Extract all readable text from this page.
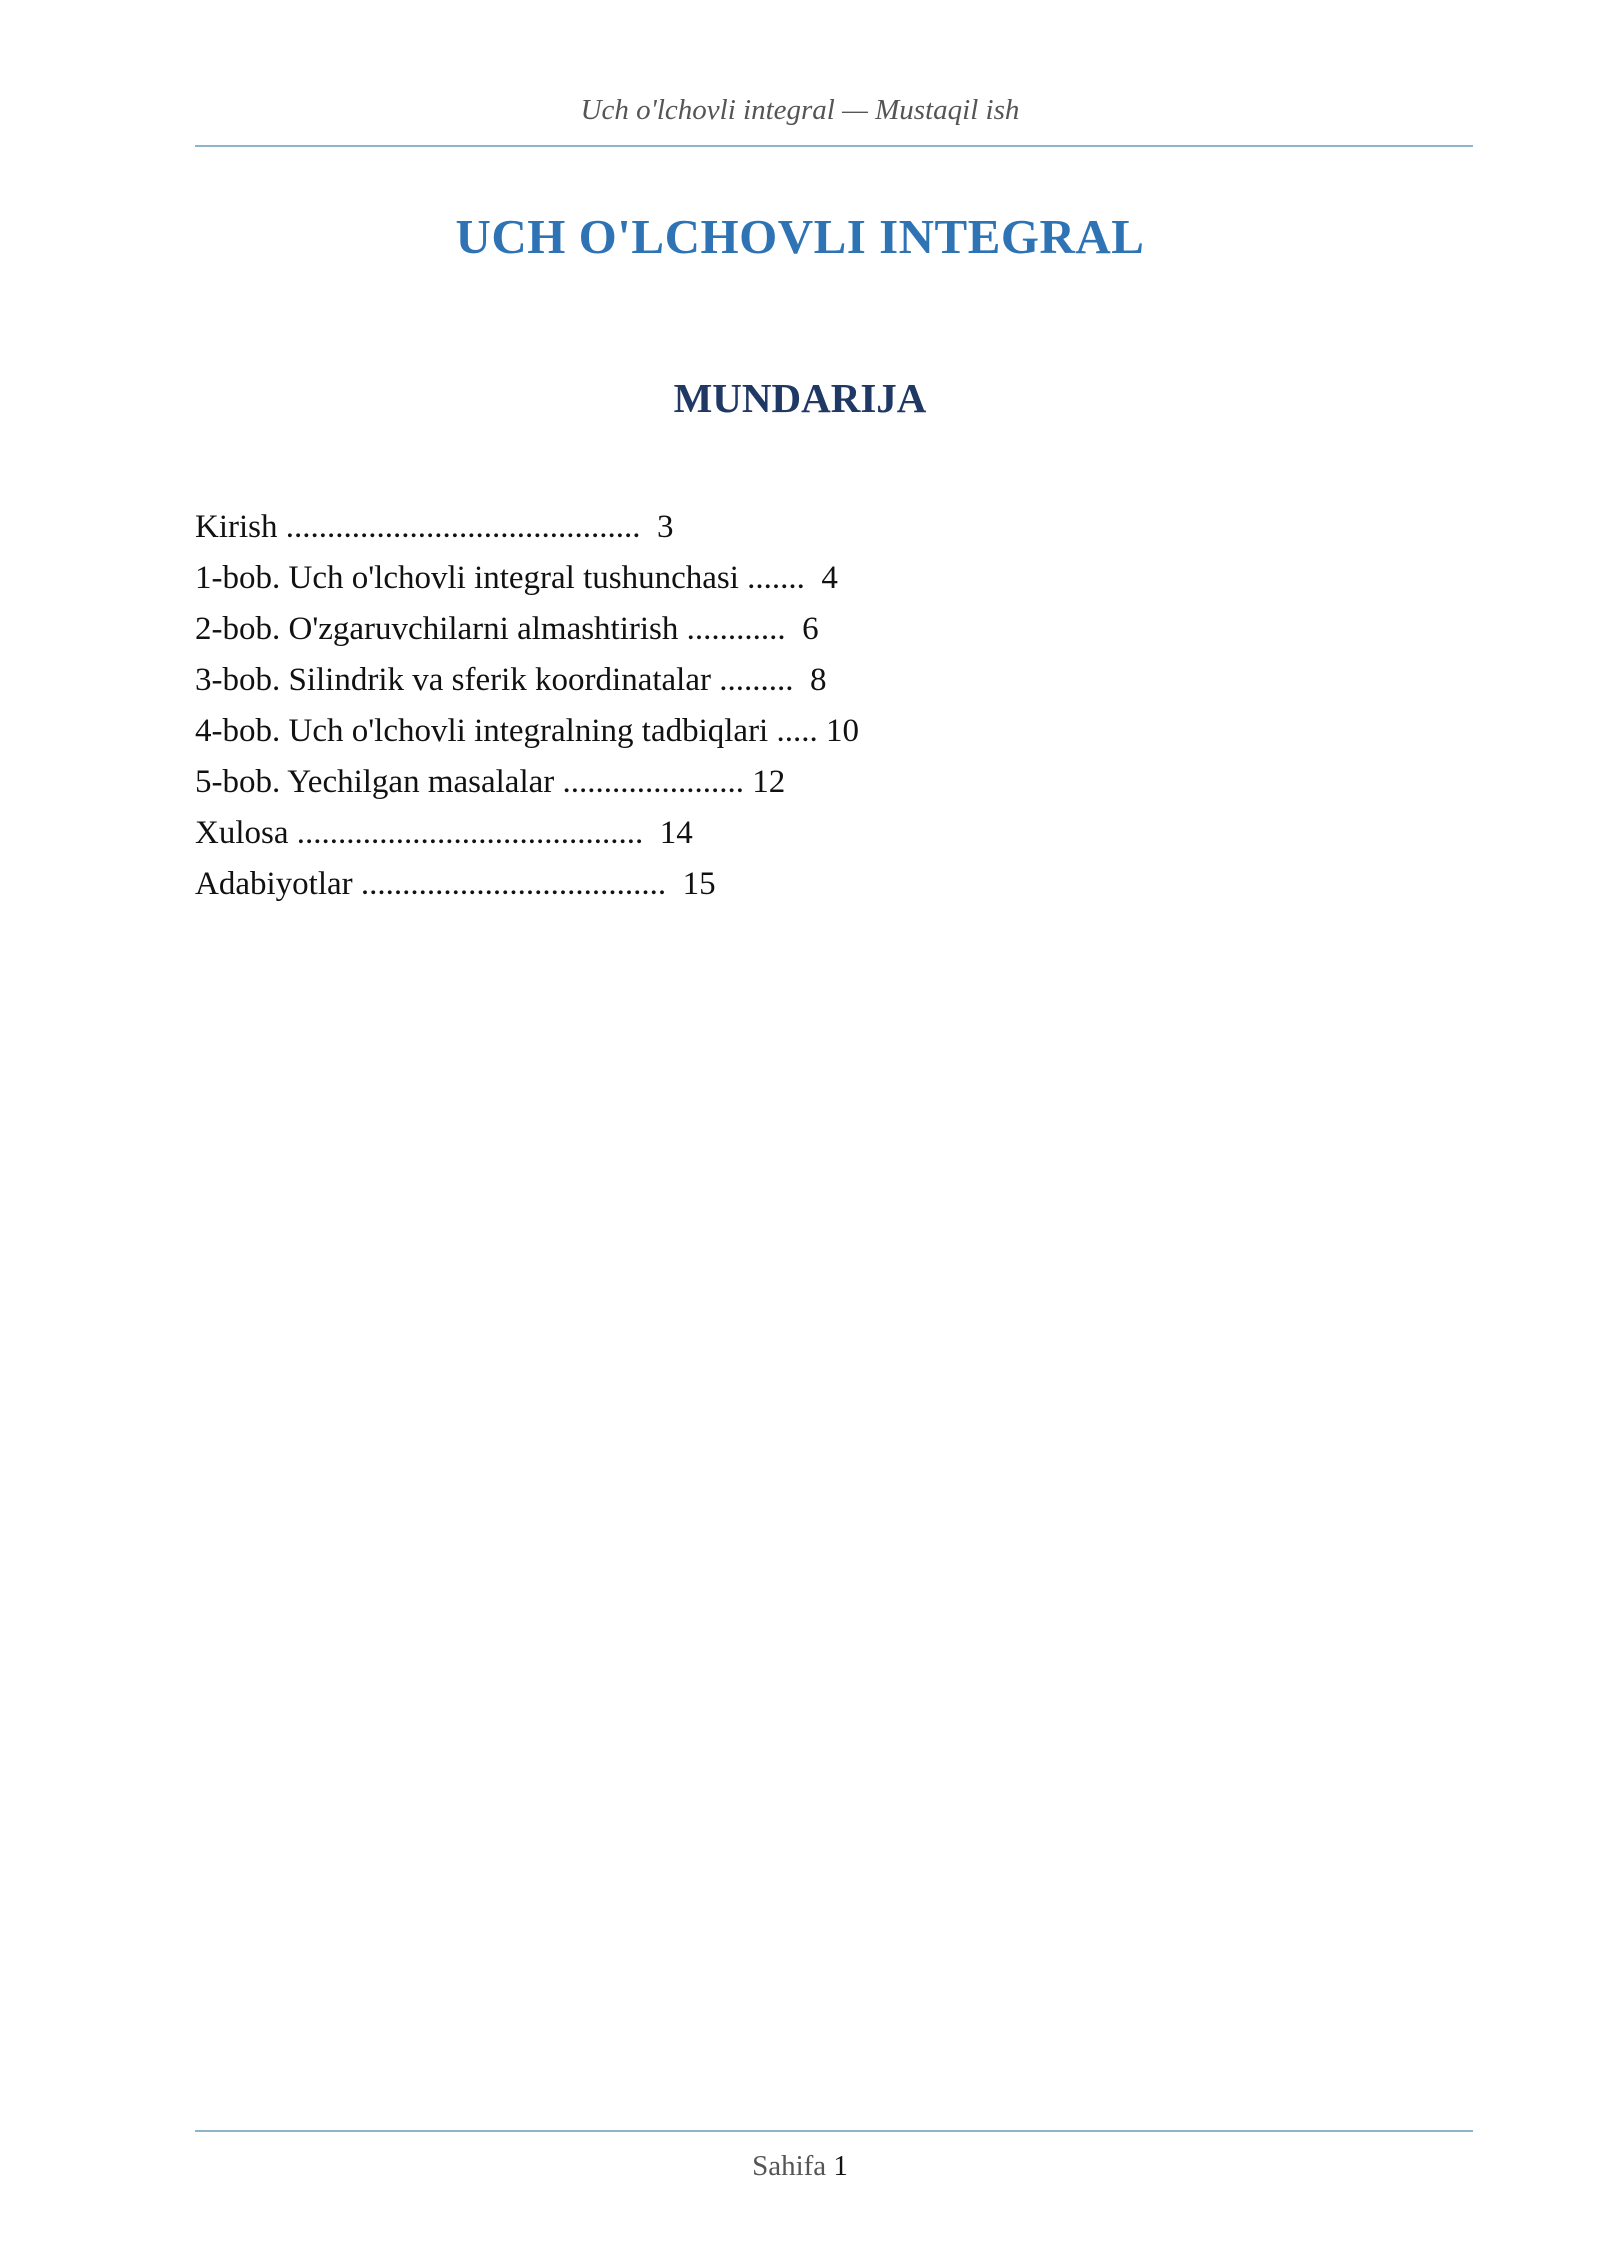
Uch o'lchovli integral — Mustaqil ish
UCH O'LCHOVLI INTEGRAL
MUNDARIJA
Kirish ...........................................  3
1-bob. Uch o'lchovli integral tushunchasi .......  4
2-bob. O'zgaruvchilarni almashtirish ............  6
3-bob. Silindrik va sferik koordinatalar .........  8
4-bob. Uch o'lchovli integralning tadbiqlari ..... 10
5-bob. Yechilgan masalalar ...................... 12
Xulosa ..........................................  14
Adabiyotlar .....................................  15
Sahifa 1
